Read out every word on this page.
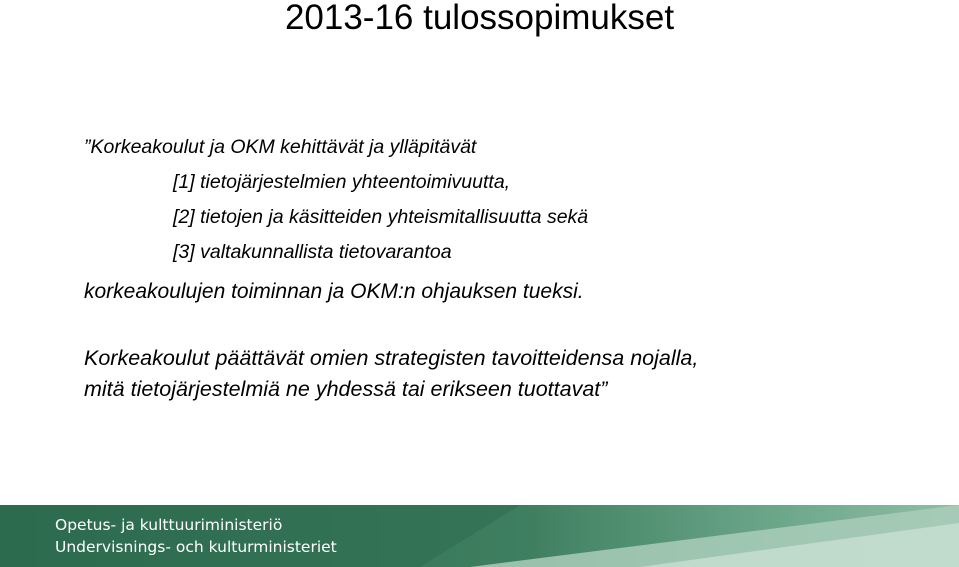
2013-16 tulossopimukset
”Korkeakoulut ja OKM kehittävät ja ylläpitävät
[1] tietojärjestelmien yhteentoimivuutta,
[2] tietojen ja käsitteiden yhteismitallisuutta sekä
[3] valtakunnallista tietovarantoa
korkeakoulujen toiminnan ja OKM:n ohjauksen tueksi.
Korkeakoulut päättävät omien strategisten tavoitteidensa nojalla,
mitä tietojärjestelmiä ne yhdessä tai erikseen tuottavat”
Opetus- ja kulttuuriministeriö
Undervisnings- och kulturministeriet
